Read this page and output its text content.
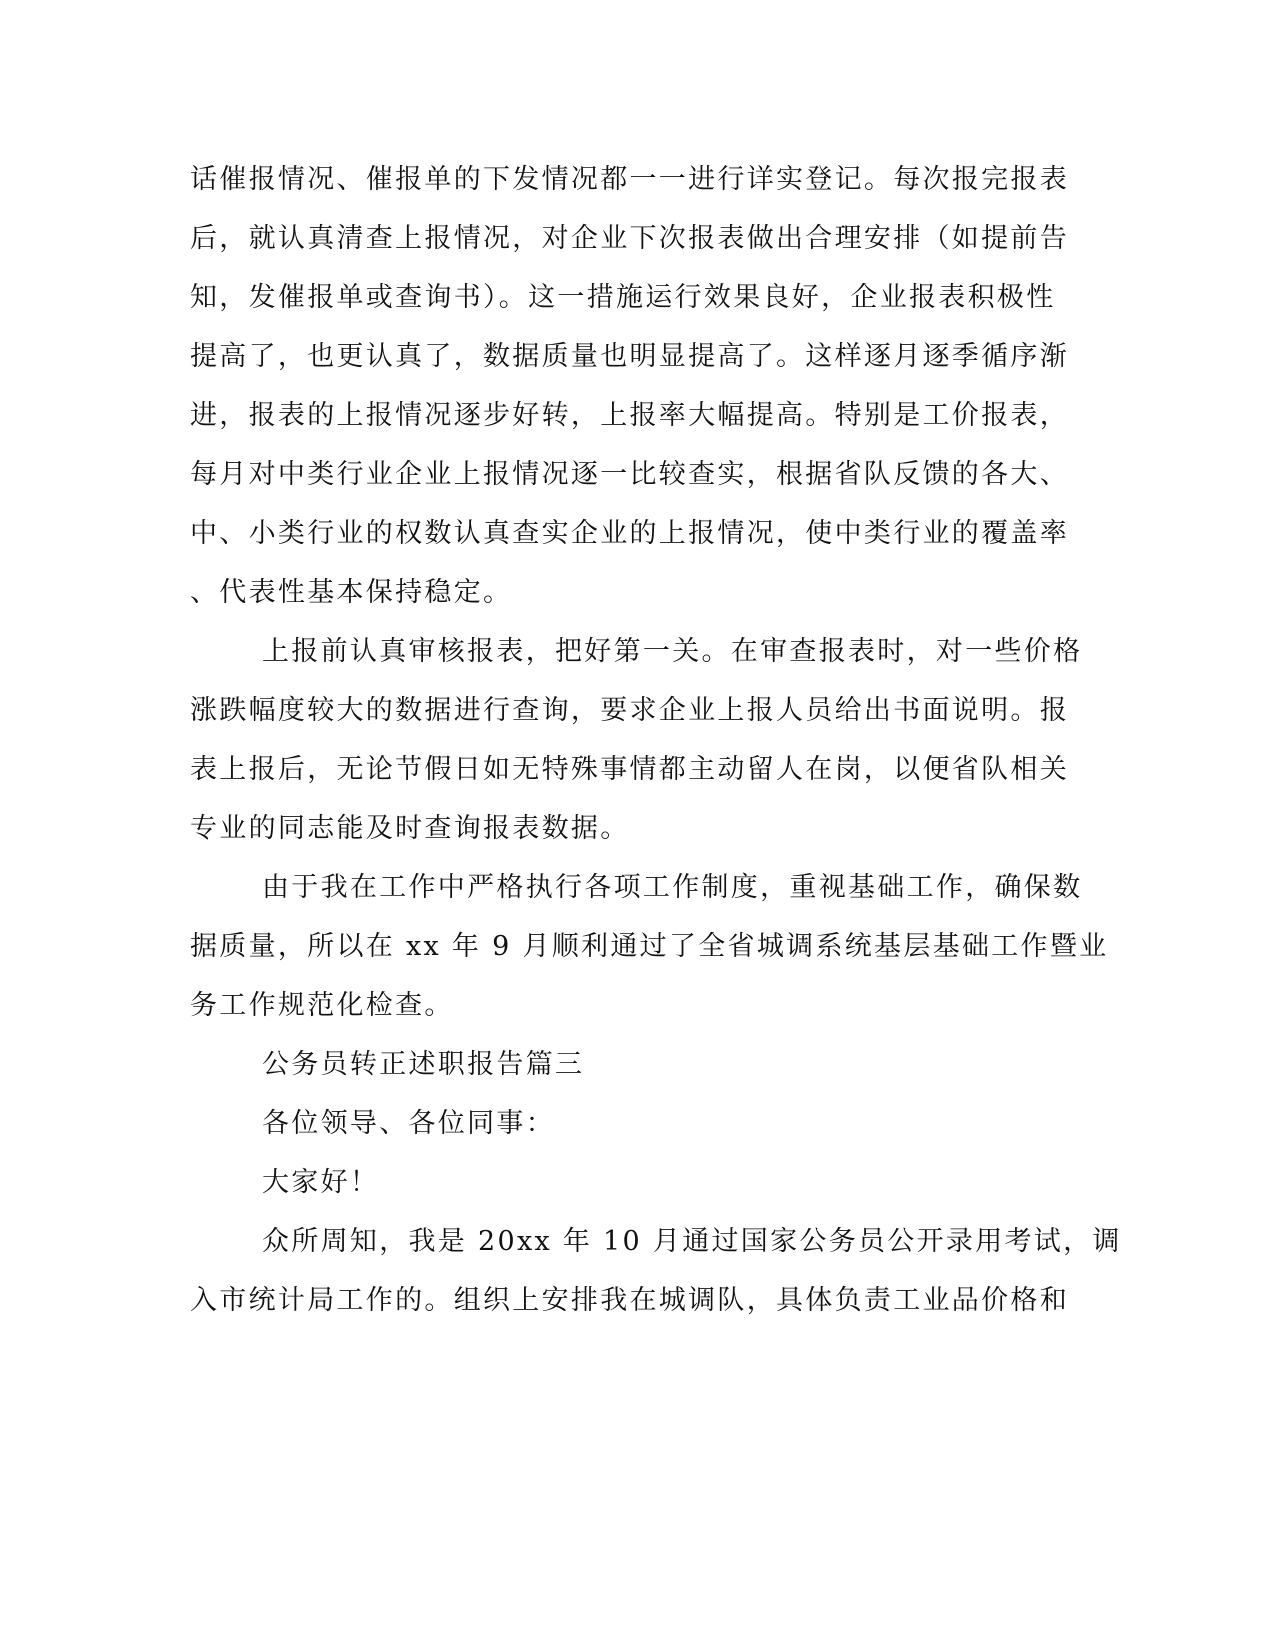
话催报情况、催报单的下发情况都一一进行详实登记。每次报完报表
后，就认真清查上报情况，对企业下次报表做出合理安排（如提前告
知，发催报单或查询书）。这一措施运行效果良好，企业报表积极性
提高了，也更认真了，数据质量也明显提高了。这样逐月逐季循序渐
进，报表的上报情况逐步好转，上报率大幅提高。特别是工价报表，
每月对中类行业企业上报情况逐一比较查实，根据省队反馈的各大、
中、小类行业的权数认真查实企业的上报情况，使中类行业的覆盖率
、代表性基本保持稳定。
上报前认真审核报表，把好第一关。在审查报表时，对一些价格
涨跌幅度较大的数据进行查询，要求企业上报人员给出书面说明。报
表上报后，无论节假日如无特殊事情都主动留人在岗，以便省队相关
专业的同志能及时查询报表数据。
由于我在工作中严格执行各项工作制度，重视基础工作，确保数
据质量，所以在 xx 年 9 月顺利通过了全省城调系统基层基础工作暨业
务工作规范化检查。
公务员转正述职报告篇三
各位领导、各位同事：
大家好！
众所周知，我是 20xx 年 10 月通过国家公务员公开录用考试，调
入市统计局工作的。组织上安排我在城调队，具体负责工业品价格和
